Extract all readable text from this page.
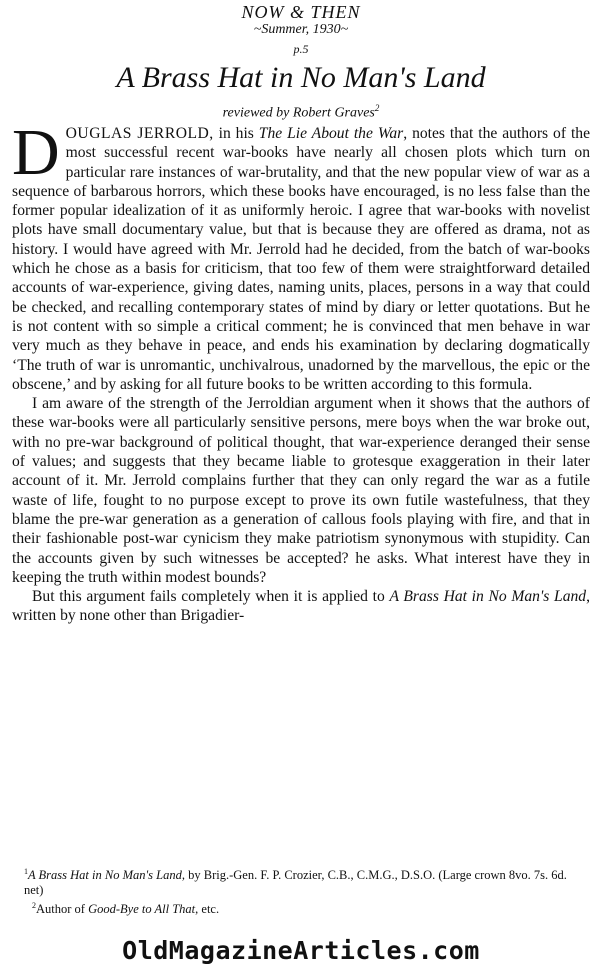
NOW & THEN
~Summer, 1930~
p.5
A Brass Hat in No Man's Land
reviewed by Robert Graves$^2$

DOUGLAS JERROLD, in his The Lie About the War, notes that the authors of the most successful recent war-books have nearly all chosen plots which turn on particular rare instances of war-brutality, and that the new popular view of war as a sequence of barbarous horrors, which these books have encouraged, is no less false than the former popular idealization of it as uniformly heroic. I agree that war-books with novelist plots have small documentary value, but that is because they are offered as drama, not as history. I would have agreed with Mr. Jerrold had he decided, from the batch of war-books which he chose as a basis for criticism, that too few of them were straightforward detailed accounts of war-experience, giving dates, naming units, places, persons in a way that could be checked, and recalling contemporary states of mind by diary or letter quotations. But he is not content with so simple a critical comment; he is convinced that men behave in war very much as they behave in peace, and ends his examination by declaring dogmatically ‘The truth of war is unromantic, unchivalrous, unadorned by the marvellous, the epic or the obscene,’ and by asking for all future books to be written according to this formula.

I am aware of the strength of the Jerroldian argument when it shows that the authors of these war-books were all particularly sensitive persons, mere boys when the war broke out, with no pre-war background of political thought, that war-experience deranged their sense of values; and suggests that they became liable to grotesque exaggeration in their later account of it. Mr. Jerrold complains further that they can only regard the war as a futile waste of life, fought to no purpose except to prove its own futile wastefulness, that they blame the pre-war generation as a generation of callous fools playing with fire, and that in their fashionable post-war cynicism they make patriotism synonymous with stupidity. Can the accounts given by such witnesses be accepted? he asks. What interest have they in keeping the truth within modest bounds?

But this argument fails completely when it is applied to A Brass Hat in No Man's Land, written by none other than Brigadier-

$^1$A Brass Hat in No Man's Land, by Brig.-Gen. F. P. Crozier, C.B., C.M.G., D.S.O. (Large crown 8vo. 7s. 6d. net)
$^2$Author of Good-Bye to All That, etc.
OldMagazineArticles.com
